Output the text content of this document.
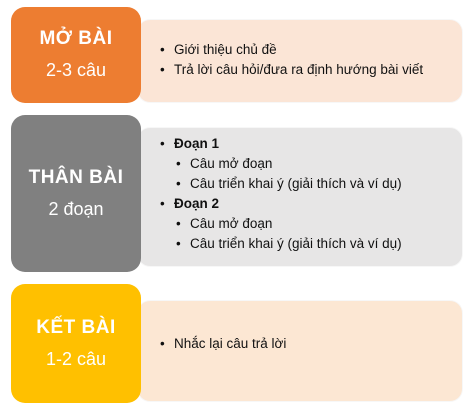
MỞ BÀI
2-3 câu
• Giới thiệu chủ đề
• Trả lời câu hỏi/đưa ra định hướng bài viết
THÂN BÀI
2 đoạn
• Đoạn 1
• Câu mở đoạn
• Câu triển khai ý (giải thích và ví dụ)
• Đoạn 2
• Câu mở đoạn
• Câu triển khai ý (giải thích và ví dụ)
KẾT BÀI
1-2 câu
• Nhắc lại câu trả lời
